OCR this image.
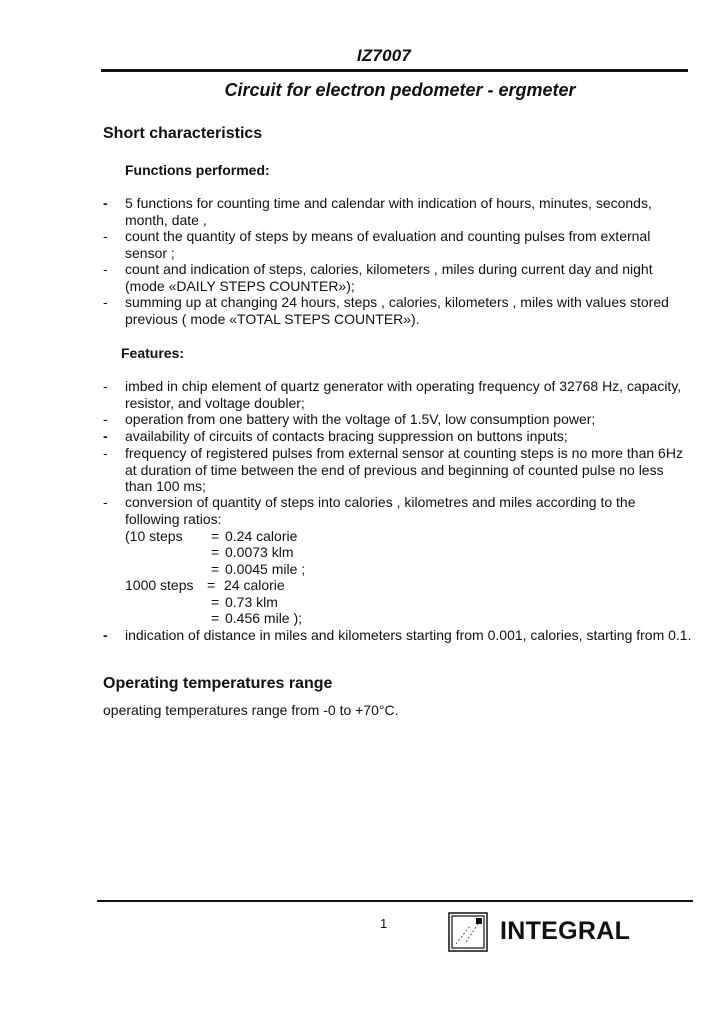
IZ7007
Circuit for electron pedometer - ergmeter
Short characteristics
Functions performed:
- 5 functions for counting time and calendar with indication of hours, minutes, seconds, month, date ,
- count the quantity of steps by means of evaluation and counting pulses from external sensor ;
- count and indication of steps, calories, kilometers , miles during current day and night (mode «DAILY STEPS COUNTER»);
- summing up at changing 24 hours, steps , calories, kilometers , miles with values stored previous ( mode «TOTAL STEPS COUNTER»).
Features:
- imbed in chip element of quartz generator with operating frequency of 32768 Hz, capacity, resistor, and voltage doubler;
- operation from one battery with the voltage of 1.5V, low consumption power;
- availability of circuits of contacts bracing suppression on buttons inputs;
- frequency of registered pulses from external sensor at counting steps is no more than 6Hz at duration of time between the end of previous and beginning of counted pulse no less than 100 ms;
- conversion of quantity of steps into calories , kilometres and miles according to the following ratios:
(10 steps = 0.24 calorie
= 0.0073 klm
= 0.0045 mile ;
1000 steps = 24 calorie
= 0.73 klm
= 0.456 mile );
- indication of distance in miles and kilometers starting from 0.001, calories, starting from 0.1.
Operating temperatures range
operating temperatures range from -0 to +70°C.
1	INTEGRAL
